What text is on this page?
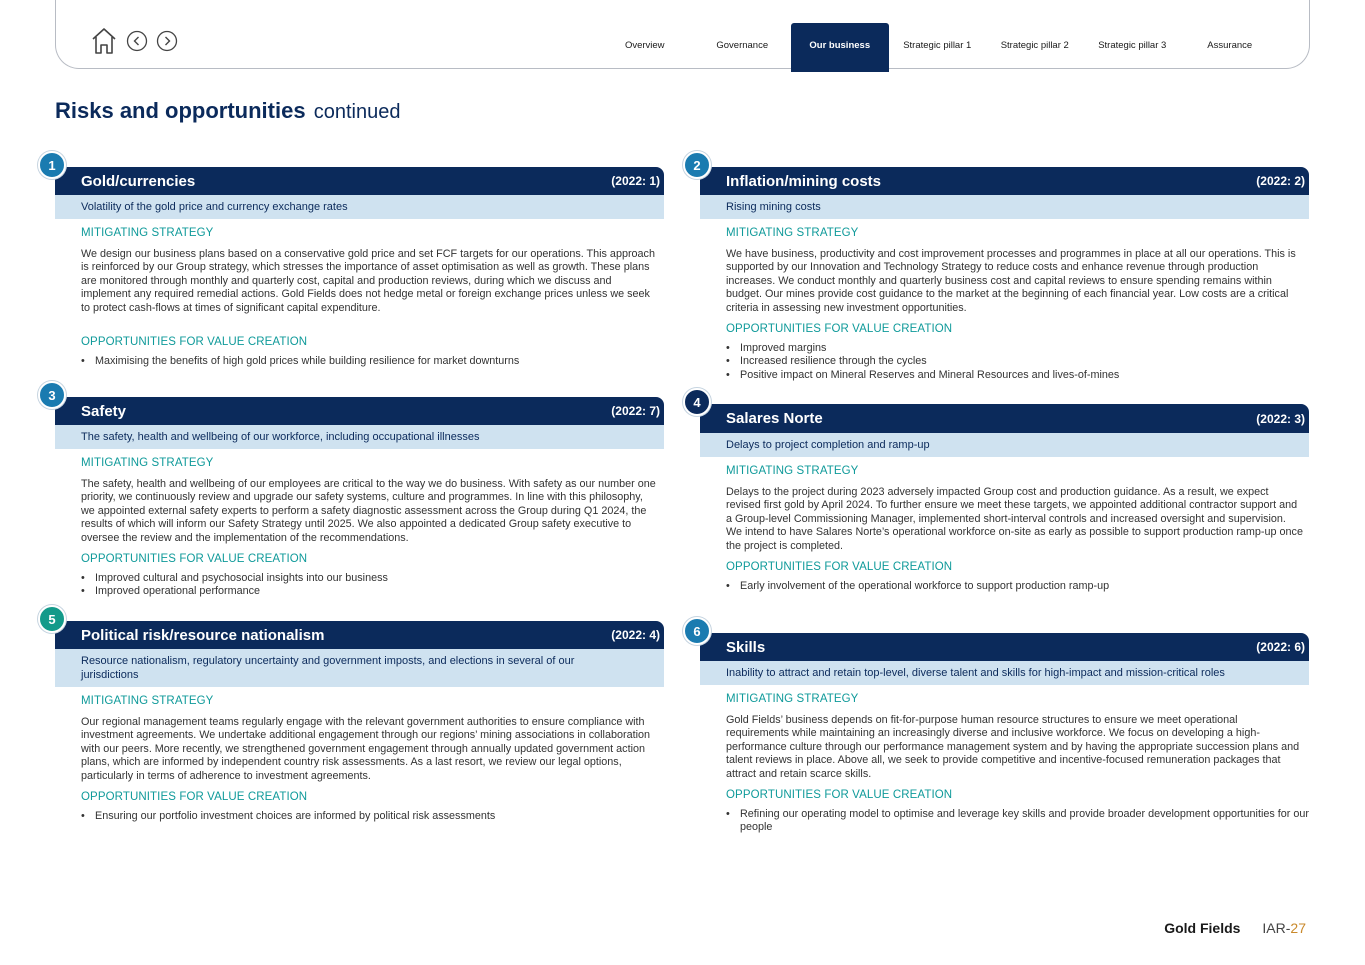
Overview	Governance	Our business	Strategic pillar 1	Strategic pillar 2	Strategic pillar 3	Assurance
Risks and opportunities continued
1
Gold/currencies	(2022: 1)
Volatility of the gold price and currency exchange rates
MITIGATING STRATEGY

We design our business plans based on a conservative gold price and set FCF targets for our operations. This approach is reinforced by our Group strategy, which stresses the importance of asset optimisation as well as growth. These plans are monitored through monthly and quarterly cost, capital and production reviews, during which we discuss and implement any required remedial actions. Gold Fields does not hedge metal or foreign exchange prices unless we seek to protect cash-flows at times of significant capital expenditure.

OPPORTUNITIES FOR VALUE CREATION
• Maximising the benefits of high gold prices while building resilience for market downturns
2
Inflation/mining costs	(2022: 2)
Rising mining costs
MITIGATING STRATEGY

We have business, productivity and cost improvement processes and programmes in place at all our operations. This is supported by our Innovation and Technology Strategy to reduce costs and enhance revenue through production increases. We conduct monthly and quarterly business cost and capital reviews to ensure spending remains within budget. Our mines provide cost guidance to the market at the beginning of each financial year. Low costs are a critical criteria in assessing new investment opportunities.

OPPORTUNITIES FOR VALUE CREATION
• Improved margins
• Increased resilience through the cycles
• Positive impact on Mineral Reserves and Mineral Resources and lives-of-mines
3
Safety	(2022: 7)
The safety, health and wellbeing of our workforce, including occupational illnesses
MITIGATING STRATEGY

The safety, health and wellbeing of our employees are critical to the way we do business. With safety as our number one priority, we continuously review and upgrade our safety systems, culture and programmes. In line with this philosophy, we appointed external safety experts to perform a safety diagnostic assessment across the Group during Q1 2024, the results of which will inform our Safety Strategy until 2025. We also appointed a dedicated Group safety executive to oversee the review and the implementation of the recommendations.

OPPORTUNITIES FOR VALUE CREATION
• Improved cultural and psychosocial insights into our business
• Improved operational performance
4
Salares Norte	(2022: 3)
Delays to project completion and ramp-up
MITIGATING STRATEGY

Delays to the project during 2023 adversely impacted Group cost and production guidance. As a result, we expect revised first gold by April 2024. To further ensure we meet these targets, we appointed additional contractor support and a Group-level Commissioning Manager, implemented short-interval controls and increased oversight and supervision. We intend to have Salares Norte’s operational workforce on-site as early as possible to support production ramp-up once the project is completed.

OPPORTUNITIES FOR VALUE CREATION
• Early involvement of the operational workforce to support production ramp-up
5
Political risk/resource nationalism	(2022: 4)
Resource nationalism, regulatory uncertainty and government imposts, and elections in several of our jurisdictions
MITIGATING STRATEGY

Our regional management teams regularly engage with the relevant government authorities to ensure compliance with investment agreements. We undertake additional engagement through our regions’ mining associations in collaboration with our peers. More recently, we strengthened government engagement through annually updated government action plans, which are informed by independent country risk assessments. As a last resort, we review our legal options, particularly in terms of adherence to investment agreements.

OPPORTUNITIES FOR VALUE CREATION
• Ensuring our portfolio investment choices are informed by political risk assessments
6
Skills	(2022: 6)
Inability to attract and retain top-level, diverse talent and skills for high-impact and mission-critical roles
MITIGATING STRATEGY

Gold Fields’ business depends on fit-for-purpose human resource structures to ensure we meet operational requirements while maintaining an increasingly diverse and inclusive workforce. We focus on developing a high-performance culture through our performance management system and by having the appropriate succession plans and talent reviews in place. Above all, we seek to provide competitive and incentive-focused remuneration packages that attract and retain scarce skills.

OPPORTUNITIES FOR VALUE CREATION
• Refining our operating model to optimise and leverage key skills and provide broader development opportunities for our people
Gold Fields IAR-27
